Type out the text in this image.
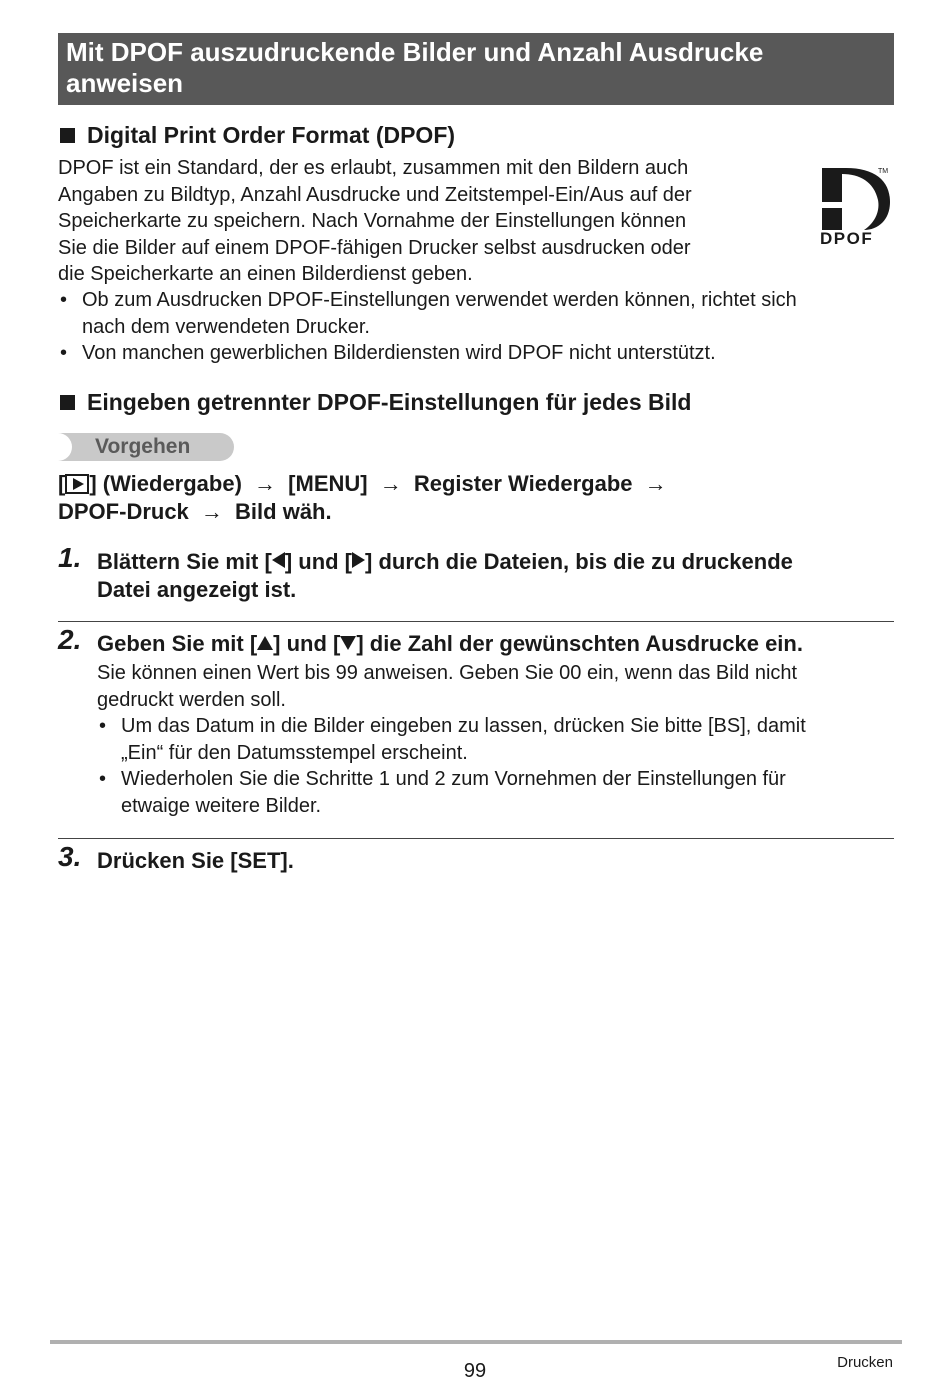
Mit DPOF auszudruckende Bilder und Anzahl Ausdrucke
anweisen
Digital Print Order Format (DPOF)
DPOF ist ein Standard, der es erlaubt, zusammen mit den Bildern auch
Angaben zu Bildtyp, Anzahl Ausdrucke und Zeitstempel-Ein/Aus auf der
Speicherkarte zu speichern. Nach Vornahme der Einstellungen können
Sie die Bilder auf einem DPOF-fähigen Drucker selbst ausdrucken oder
die Speicherkarte an einen Bilderdienst geben.
DPOF
TM
• Ob zum Ausdrucken DPOF-Einstellungen verwendet werden können, richtet sich
nach dem verwendeten Drucker.
• Von manchen gewerblichen Bilderdiensten wird DPOF nicht unterstützt.
Eingeben getrennter DPOF-Einstellungen für jedes Bild
Vorgehen
[ ] (Wiedergabe) → [MENU] → Register Wiedergabe →
DPOF-Druck → Bild wäh.
1. Blättern Sie mit [ ] und [ ] durch die Dateien, bis die zu druckende
Datei angezeigt ist.
2. Geben Sie mit [ ] und [ ] die Zahl der gewünschten Ausdrucke ein.
Sie können einen Wert bis 99 anweisen. Geben Sie 00 ein, wenn das Bild nicht
gedruckt werden soll.
• Um das Datum in die Bilder eingeben zu lassen, drücken Sie bitte [BS], damit
„Ein“ für den Datumsstempel erscheint.
• Wiederholen Sie die Schritte 1 und 2 zum Vornehmen der Einstellungen für
etwaige weitere Bilder.
3. Drücken Sie [SET].
99	Drucken
